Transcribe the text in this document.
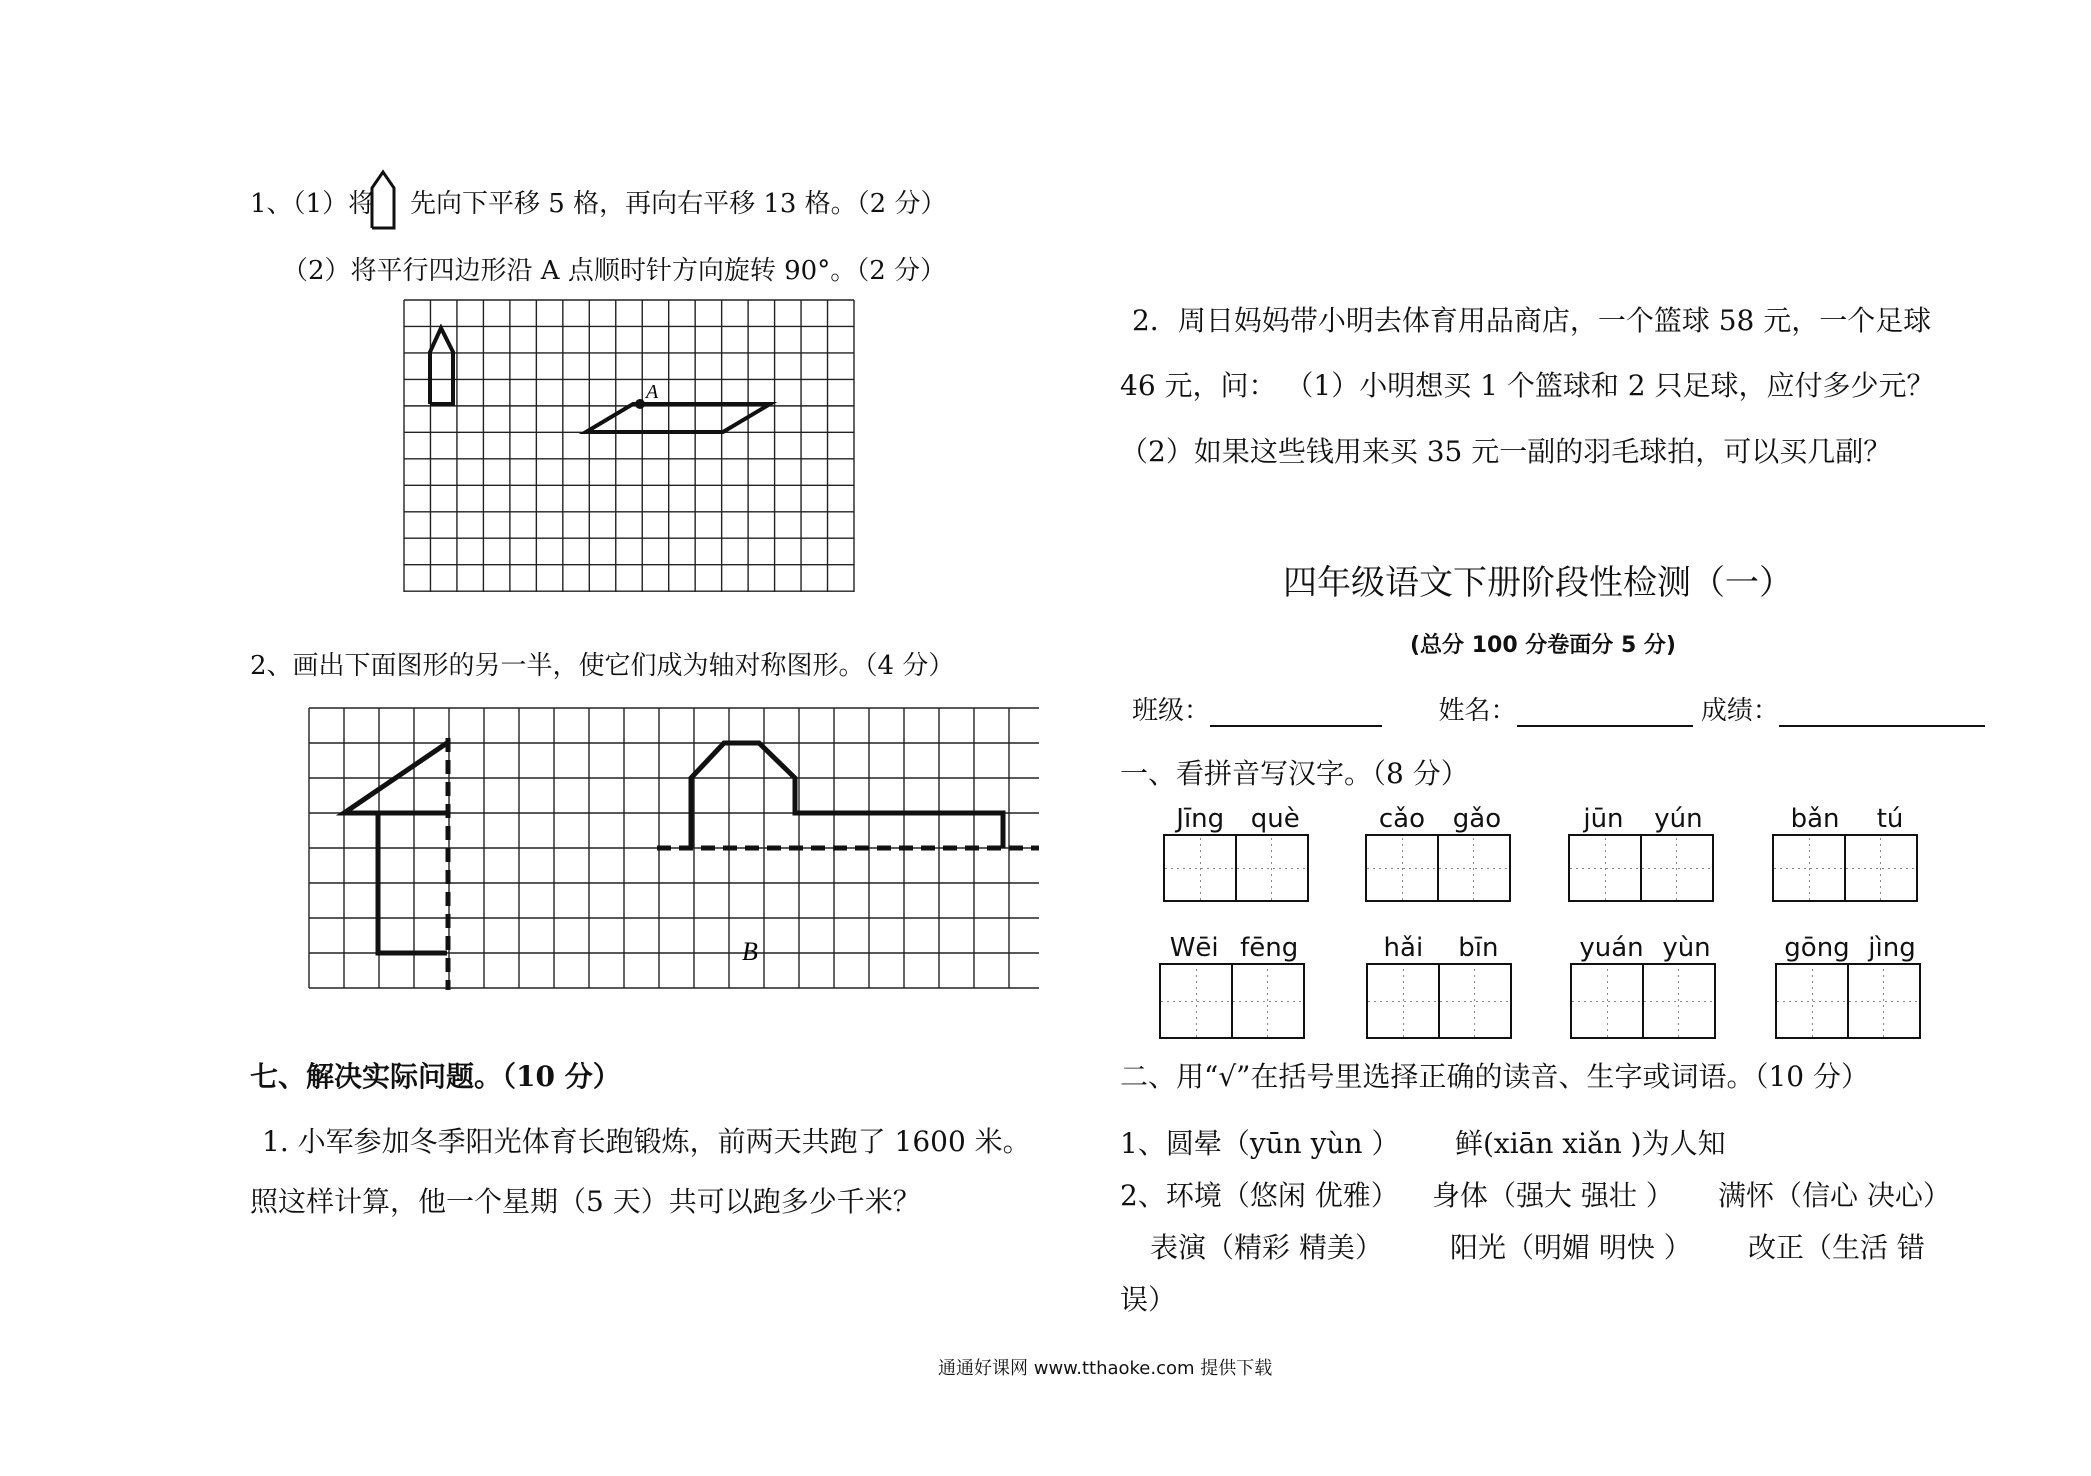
1、（1）将 先向下平移 5 格，再向右平移 13 格。（2 分）
（2）将平行四边形沿 A 点顺时针方向旋转 90°。（2 分）
A
2、画出下面图形的另一半，使它们成为轴对称图形。（4 分）
B
七、解决实际问题。（10 分）
1. 小军参加冬季阳光体育长跑锻炼，前两天共跑了 1600 米。
照这样计算，他一个星期（5 天）共可以跑多少千米？
2．周日妈妈带小明去体育用品商店，一个篮球 58 元，一个足球
46 元，问： （1）小明想买 1 个篮球和 2 只足球，应付多少元？
（2）如果这些钱用来买 35 元一副的羽毛球拍，可以买几副？
四年级语文下册阶段性检测（一）
(总分 100 分卷面分 5 分)
班级：	姓名：	成绩：
一、看拼音写汉字。（8 分）
Jīng què	cǎo gǎo	jūn yún	bǎn tú
Wēi fēng	hǎi bīn	yuán yùn	gōng jìng
二、用“√”在括号里选择正确的读音、生字或词语。（10 分）
1、圆晕（yūn yùn ） 鲜(xiān xiǎn )为人知
2、环境（悠闲 优雅） 身体（强大 强壮 ） 满怀（信心 决心）
表演（精彩 精美） 阳光（明媚 明快 ） 改正（生活 错
误）
通通好课网 www.tthaoke.com 提供下载
